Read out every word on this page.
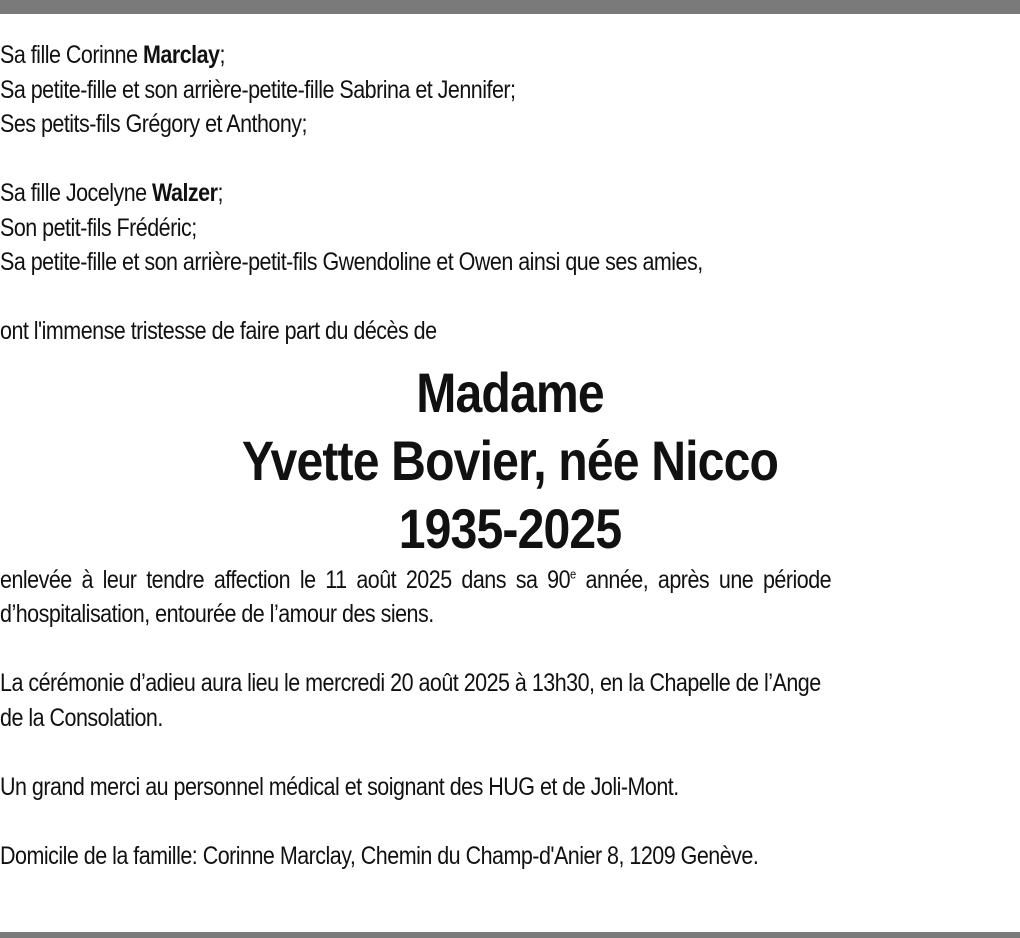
Sa fille Corinne Marclay;
Sa petite-fille et son arrière-petite-fille Sabrina et Jennifer;
Ses petits-fils Grégory et Anthony;
Sa fille Jocelyne Walzer;
Son petit-fils Frédéric;
Sa petite-fille et son arrière-petit-fils Gwendoline et Owen ainsi que ses amies,
ont l'immense tristesse de faire part du décès de
Madame
Yvette Bovier, née Nicco
1935-2025
enlevée à leur tendre affection le 11 août 2025 dans sa 90e année, après une période
d’hospitalisation, entourée de l’amour des siens.
La cérémonie d’adieu aura lieu le mercredi 20 août 2025 à 13h30, en la Chapelle de l’Ange
de la Consolation.
Un grand merci au personnel médical et soignant des HUG et de Joli-Mont.
Domicile de la famille: Corinne Marclay, Chemin du Champ-d'Anier 8, 1209 Genève.
